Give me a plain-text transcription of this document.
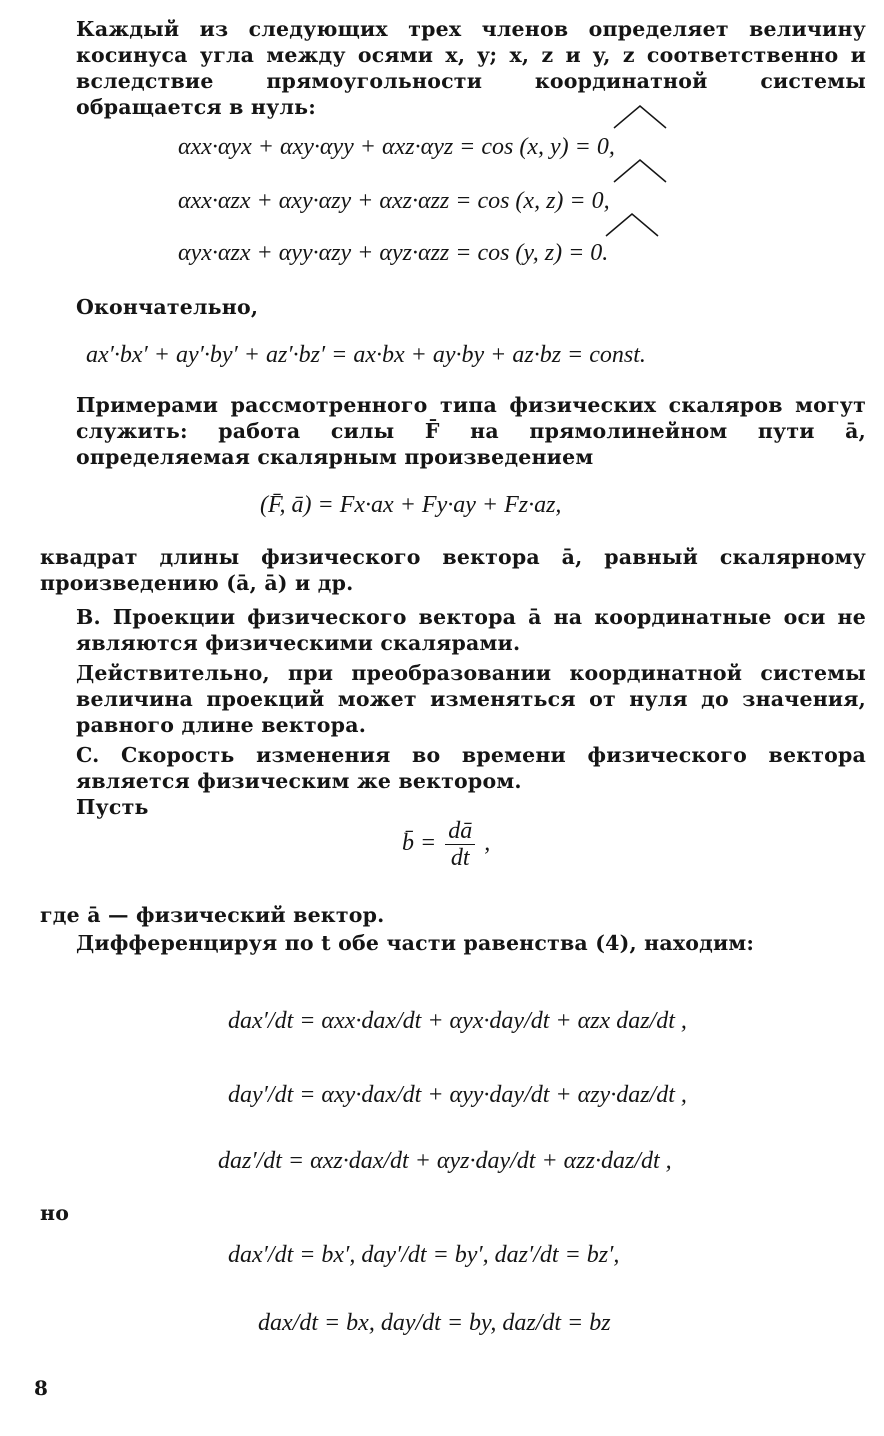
Каждый из следующих трех членов определяет величину косинуса угла между осями x, y; x, z и y, z соответственно и вследствие прямоугольности координатной системы обращается в нуль:
αxx·αyx + αxy·αyy + αxz·αyz = cos (x, y) = 0,
αxx·αzx + αxy·αzy + αxz·αzz = cos (x, z) = 0,
αyx·αzx + αyy·αzy + αyz·αzz = cos (y, z) = 0.
Окончательно,
ax′·bx′ + ay′·by′ + az′·bz′ = ax·bx + ay·by + az·bz = const.
Примерами рассмотренного типа физических скаляров могут служить: работа силы F̄ на прямолинейном пути ā, определяемая скалярным произведением
(F̄, ā) = Fx·ax + Fy·ay + Fz·az,
квадрат длины физического вектора ā, равный скалярному произведению (ā, ā) и др.
B. Проекции физического вектора ā на координатные оси не являются физическими скалярами.
Действительно, при преобразовании координатной системы величина проекций может изменяться от нуля до значения, равного длине вектора.
C. Скорость изменения во времени физического вектора является физическим же вектором.
Пусть
b̄ = $\frac{dā}{dt}$ ,
где ā — физический вектор.
Дифференцируя по t обе части равенства (4), находим:
dax′/dt = αxx·dax/dt + αyx·day/dt + αzx daz/dt ,
day′/dt = αxy·dax/dt + αyy·day/dt + αzy·daz/dt ,
daz′/dt = αxz·dax/dt + αyz·day/dt + αzz·daz/dt ,
но
dax′/dt = bx′, day′/dt = by′, daz′/dt = bz′,
dax/dt = bx, day/dt = by, daz/dt = bz
8
